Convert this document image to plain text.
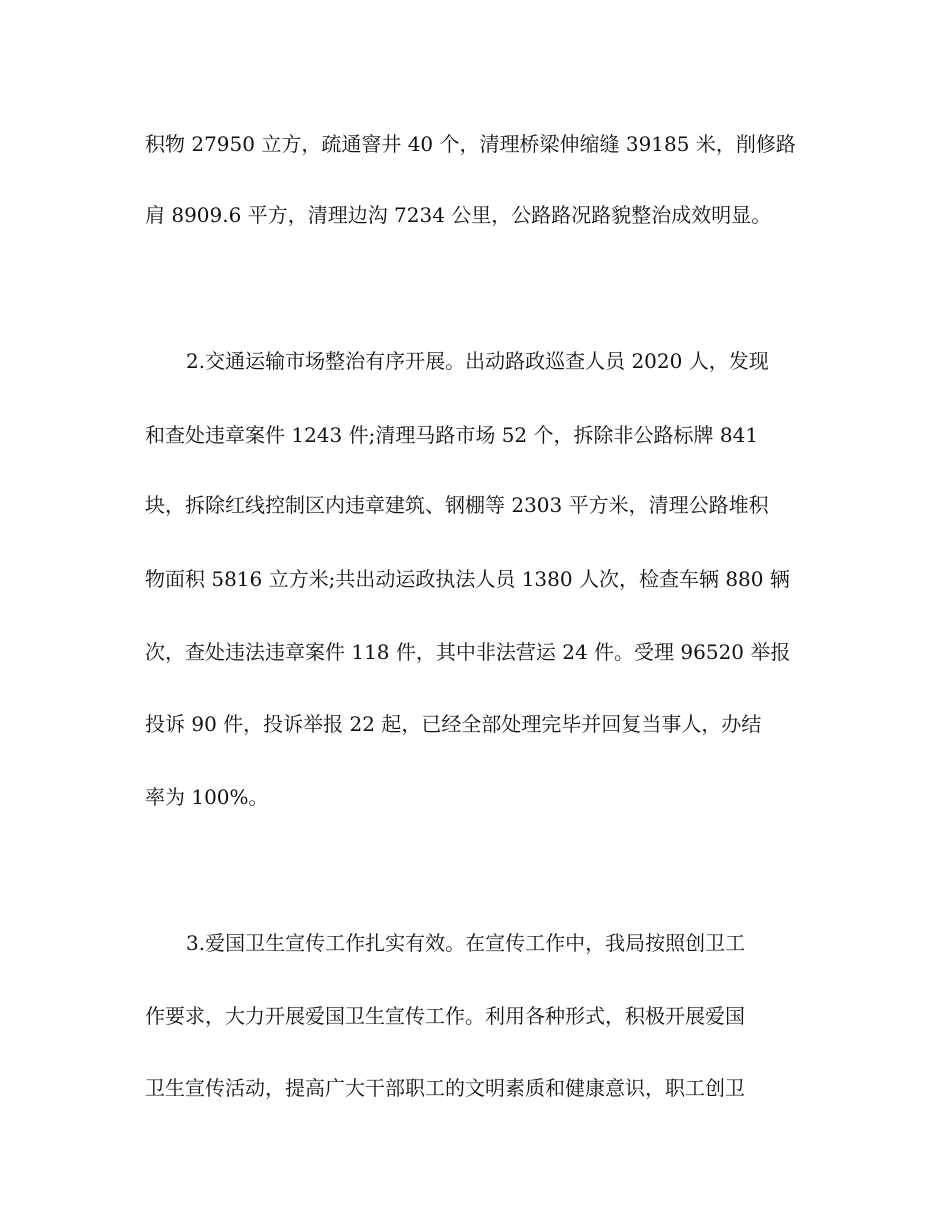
积物 27950 立方，疏通窨井 40 个，清理桥梁伸缩缝 39185 米，削修路
肩 8909.6 平方，清理边沟 7234 公里，公路路况路貌整治成效明显。
2.交通运输市场整治有序开展。出动路政巡查人员 2020 人，发现
和查处违章案件 1243 件;清理马路市场 52 个，拆除非公路标牌 841
块，拆除红线控制区内违章建筑、钢棚等 2303 平方米，清理公路堆积
物面积 5816 立方米;共出动运政执法人员 1380 人次，检查车辆 880 辆
次，查处违法违章案件 118 件，其中非法营运 24 件。受理 96520 举报
投诉 90 件，投诉举报 22 起，已经全部处理完毕并回复当事人，办结
率为 100%。
3.爱国卫生宣传工作扎实有效。在宣传工作中，我局按照创卫工
作要求，大力开展爱国卫生宣传工作。利用各种形式，积极开展爱国
卫生宣传活动，提高广大干部职工的文明素质和健康意识，职工创卫
